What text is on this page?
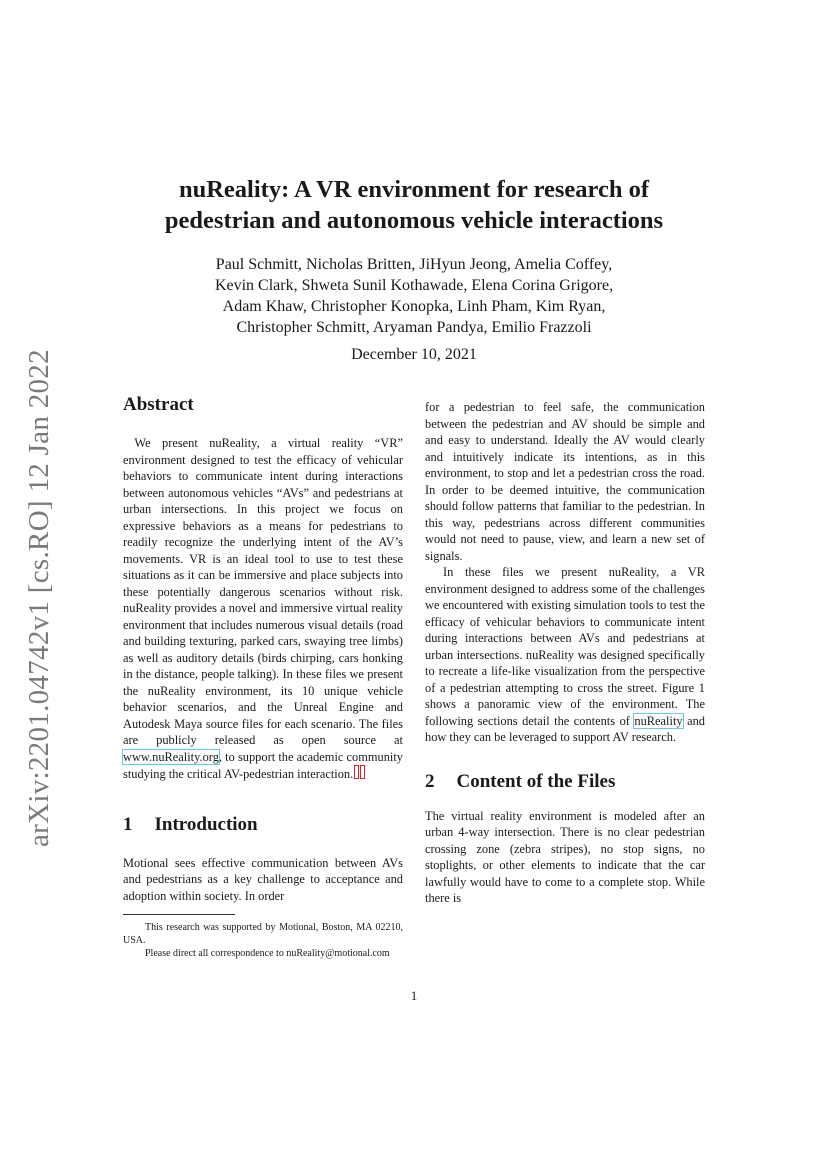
arXiv:2201.04742v1 [cs.RO] 12 Jan 2022
nuReality: A VR environment for research of
pedestrian and autonomous vehicle interactions
Paul Schmitt, Nicholas Britten, JiHyun Jeong, Amelia Coffey,
Kevin Clark, Shweta Sunil Kothawade, Elena Corina Grigore,
Adam Khaw, Christopher Konopka, Linh Pham, Kim Ryan,
Christopher Schmitt, Aryaman Pandya, Emilio Frazzoli
December 10, 2021
Abstract

We present nuReality, a virtual reality “VR” environment designed to test the efficacy of vehicular behaviors to communicate intent during interactions between autonomous vehicles “AVs” and pedestrians at urban intersections. In this project we focus on expressive behaviors as a means for pedestrians to readily recognize the underlying intent of the AV’s movements. VR is an ideal tool to use to test these situations as it can be immersive and place subjects into these potentially dangerous scenarios without risk. nuReality provides a novel and immersive virtual reality environment that includes numerous visual details (road and building texturing, parked cars, swaying tree limbs) as well as auditory details (birds chirping, cars honking in the distance, people talking). In these files we present the nuReality environment, its 10 unique vehicle behavior scenarios, and the Unreal Engine and Autodesk Maya source files for each scenario. The files are publicly released as open source at www.nuReality.org, to support the academic community studying the critical AV-pedestrian interaction.

1 Introduction

Motional sees effective communication between AVs and pedestrians as a key challenge to acceptance and adoption within society. In order

This research was supported by Motional, Boston, MA 02210, USA.

Please direct all correspondence to nuReality@motional.com

for a pedestrian to feel safe, the communication between the pedestrian and AV should be simple and and easy to understand. Ideally the AV would clearly and intuitively indicate its intentions, as in this environment, to stop and let a pedestrian cross the road. In order to be deemed intuitive, the communication should follow patterns that familiar to the pedestrian. In this way, pedestrians across different communities would not need to pause, view, and learn a new set of signals.

In these files we present nuReality, a VR environment designed to address some of the challenges we encountered with existing simulation tools to test the efficacy of vehicular behaviors to communicate intent during interactions between AVs and pedestrians at urban intersections. nuReality was designed specifically to recreate a life-like visualization from the perspective of a pedestrian attempting to cross the street. Figure 1 shows a panoramic view of the environment. The following sections detail the contents of nuReality and how they can be leveraged to support AV research.

2 Content of the Files

The virtual reality environment is modeled after an urban 4-way intersection. There is no clear pedestrian crossing zone (zebra stripes), no stop signs, no stoplights, or other elements to indicate that the car lawfully would have to come to a complete stop. While there is

1
